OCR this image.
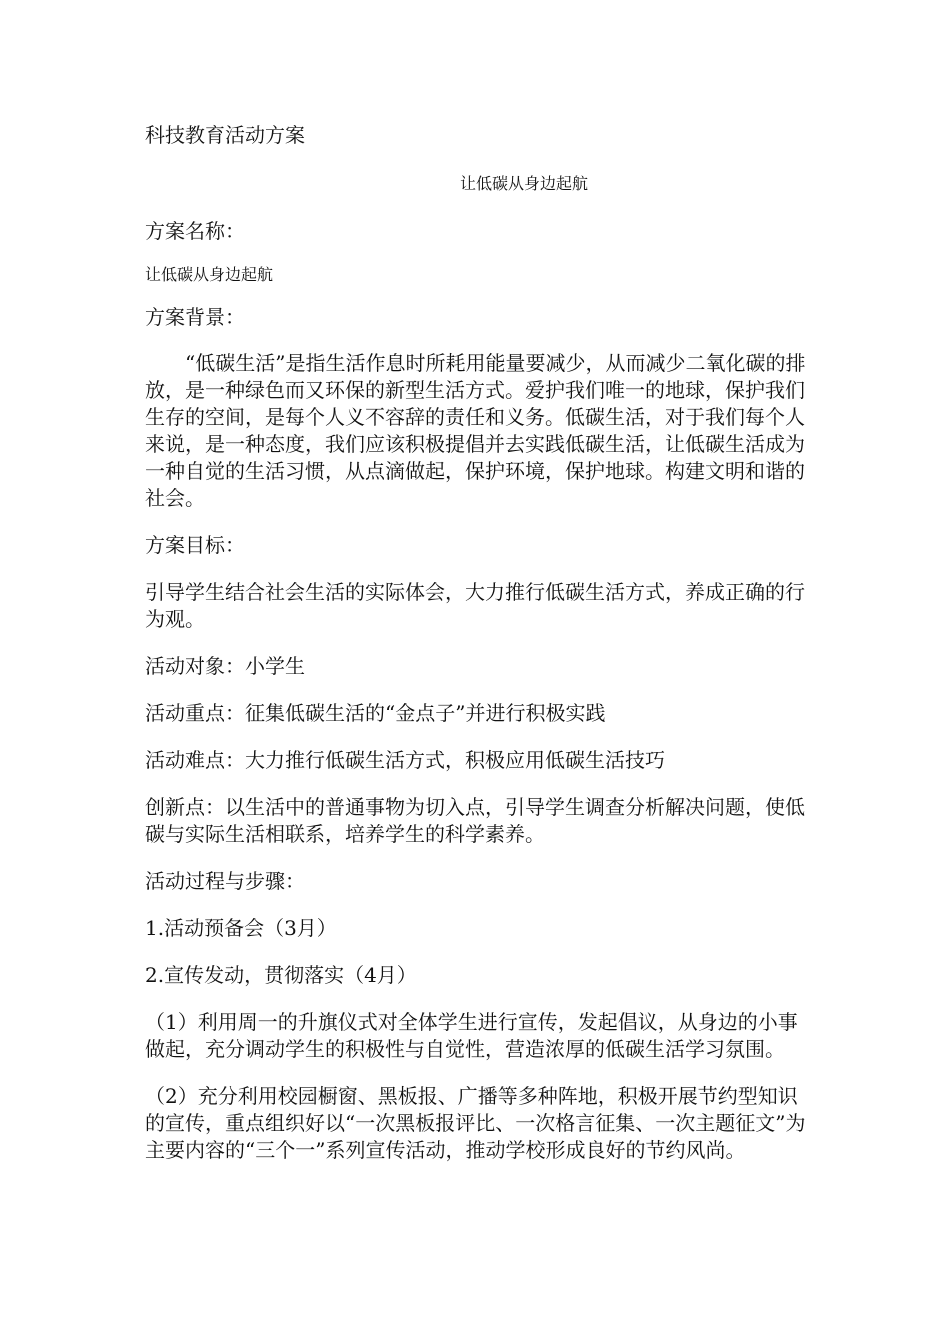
让低碳从身边起航

科技教育活动方案

方案名称：

让低碳从身边起航

方案背景：

“低碳生活”是指生活作息时所耗用能量要减少，从而减少二氧化碳的排放，是一种绿色而又环保的新型生活方式。爱护我们唯一的地球，保护我们生存的空间，是每个人义不容辞的责任和义务。低碳生活，对于我们每个人来说，是一种态度，我们应该积极提倡并去实践低碳生活，让低碳生活成为一种自觉的生活习惯，从点滴做起，保护环境，保护地球。构建文明和谐的社会。

方案目标：

引导学生结合社会生活的实际体会，大力推行低碳生活方式，养成正确的行为观。

活动对象：小学生

活动重点：征集低碳生活的“金点子”并进行积极实践

活动难点：大力推行低碳生活方式，积极应用低碳生活技巧

创新点：以生活中的普通事物为切入点，引导学生调查分析解决问题，使低碳与实际生活相联系，培养学生的科学素养。

活动过程与步骤：

1.活动预备会（3月）

2.宣传发动，贯彻落实（4月）

（1）利用周一的升旗仪式对全体学生进行宣传，发起倡议，从身边的小事做起，充分调动学生的积极性与自觉性，营造浓厚的低碳生活学习氛围。

（2）充分利用校园橱窗、黑板报、广播等多种阵地，积极开展节约型知识的宣传，重点组织好以“一次黑板报评比、一次格言征集、一次主题征文”为主要内容的“三个一”系列宣传活动，推动学校形成良好的节约风尚。
